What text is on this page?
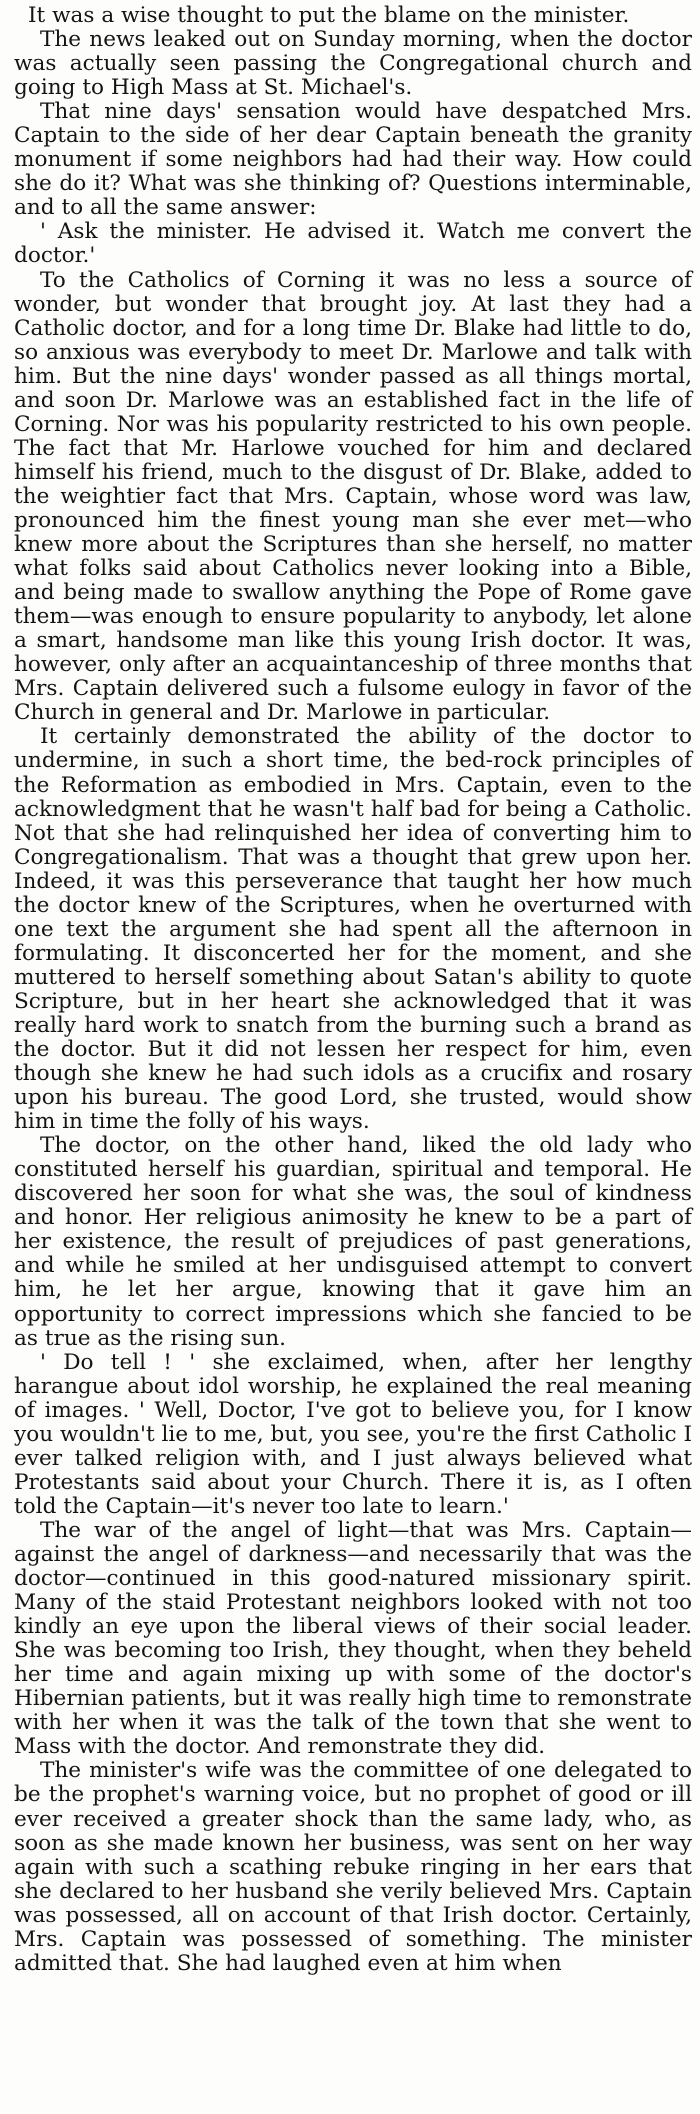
It was a wise thought to put the blame on the minister.

The news leaked out on Sunday morning, when the doctor was actually seen passing the Congregational church and going to High Mass at St. Michael's.

That nine days' sensation would have despatched Mrs. Captain to the side of her dear Captain beneath the granity monument if some neighbors had had their way. How could she do it? What was she thinking of? Questions interminable, and to all the same answer:

' Ask the minister. He advised it. Watch me convert the doctor.'

To the Catholics of Corning it was no less a source of wonder, but wonder that brought joy. At last they had a Catholic doctor, and for a long time Dr. Blake had little to do, so anxious was everybody to meet Dr. Marlowe and talk with him. But the nine days' wonder passed as all things mortal, and soon Dr. Marlowe was an established fact in the life of Corning. Nor was his popularity restricted to his own people. The fact that Mr. Harlowe vouched for him and declared himself his friend, much to the disgust of Dr. Blake, added to the weightier fact that Mrs. Captain, whose word was law, pronounced him the finest young man she ever met—who knew more about the Scriptures than she herself, no matter what folks said about Catholics never looking into a Bible, and being made to swallow anything the Pope of Rome gave them—was enough to ensure popularity to anybody, let alone a smart, handsome man like this young Irish doctor. It was, however, only after an acquaintanceship of three months that Mrs. Captain delivered such a fulsome eulogy in favor of the Church in general and Dr. Marlowe in particular.

It certainly demonstrated the ability of the doctor to undermine, in such a short time, the bed-rock principles of the Reformation as embodied in Mrs. Captain, even to the acknowledgment that he wasn't half bad for being a Catholic. Not that she had relinquished her idea of converting him to Congregationalism. That was a thought that grew upon her. Indeed, it was this perseverance that taught her how much the doctor knew of the Scriptures, when he overturned with one text the argument she had spent all the afternoon in formulating. It disconcerted her for the moment, and she muttered to herself something about Satan's ability to quote Scripture, but in her heart she acknowledged that it was really hard work to snatch from the burning such a brand as the doctor. But it did not lessen her respect for him, even though she knew he had such idols as a crucifix and rosary upon his bureau. The good Lord, she trusted, would show him in time the folly of his ways.

The doctor, on the other hand, liked the old lady who constituted herself his guardian, spiritual and temporal. He discovered her soon for what she was, the soul of kindness and honor. Her religious animosity he knew to be a part of her existence, the result of prejudices of past generations, and while he smiled at her undisguised attempt to convert him, he let her argue, knowing that it gave him an opportunity to correct impressions which she fancied to be as true as the rising sun.

' Do tell ! ' she exclaimed, when, after her lengthy harangue about idol worship, he explained the real meaning of images. ' Well, Doctor, I've got to believe you, for I know you wouldn't lie to me, but, you see, you're the first Catholic I ever talked religion with, and I just always believed what Protestants said about your Church. There it is, as I often told the Captain—it's never too late to learn.'

The war of the angel of light—that was Mrs. Captain—against the angel of darkness—and necessarily that was the doctor—continued in this good-natured missionary spirit. Many of the staid Protestant neighbors looked with not too kindly an eye upon the liberal views of their social leader. She was becoming too Irish, they thought, when they beheld her time and again mixing up with some of the doctor's Hibernian patients, but it was really high time to remonstrate with her when it was the talk of the town that she went to Mass with the doctor. And remonstrate they did.

The minister's wife was the committee of one delegated to be the prophet's warning voice, but no prophet of good or ill ever received a greater shock than the same lady, who, as soon as she made known her business, was sent on her way again with such a scathing rebuke ringing in her ears that she declared to her husband she verily believed Mrs. Captain was possessed, all on account of that Irish doctor. Certainly, Mrs. Captain was possessed of something. The minister admitted that. She had laughed even at him when
